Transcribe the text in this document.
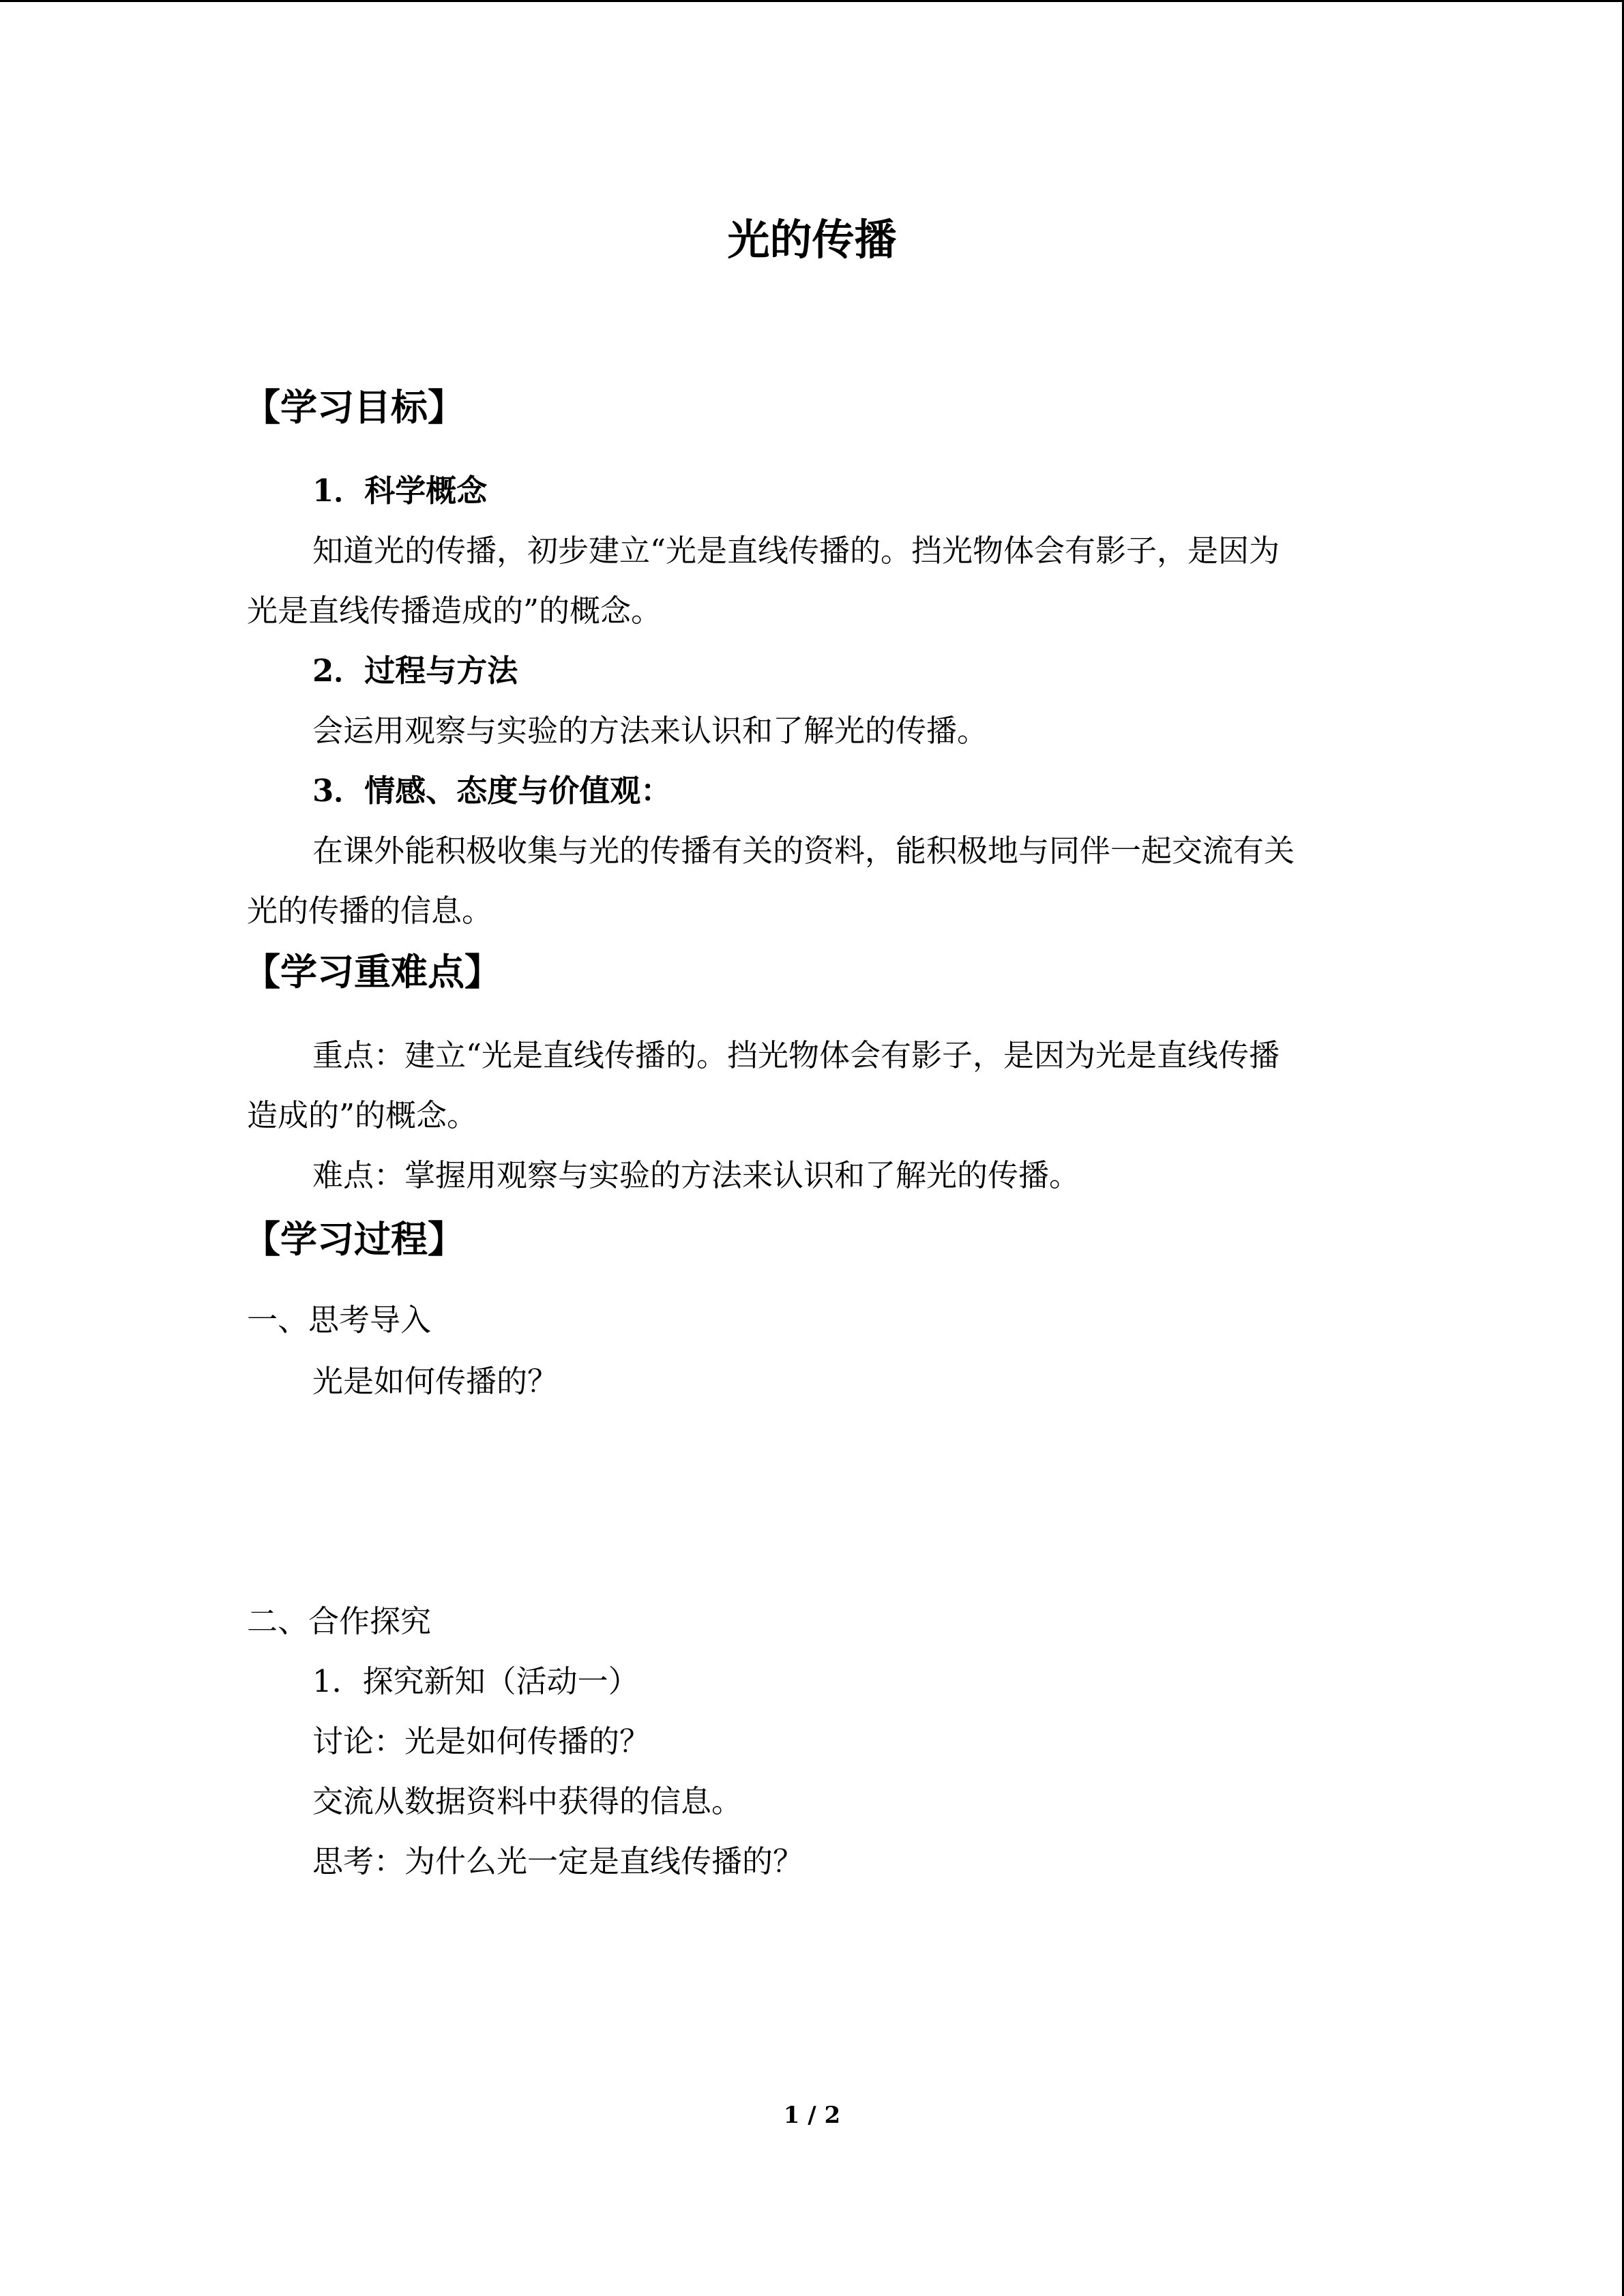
光的传播
【学习目标】
1．科学概念
知道光的传播，初步建立“光是直线传播的。挡光物体会有影子，是因为
光是直线传播造成的”的概念。
2．过程与方法
会运用观察与实验的方法来认识和了解光的传播。
3．情感、态度与价值观：
在课外能积极收集与光的传播有关的资料，能积极地与同伴一起交流有关
光的传播的信息。
【学习重难点】
重点：建立“光是直线传播的。挡光物体会有影子，是因为光是直线传播
造成的”的概念。
难点：掌握用观察与实验的方法来认识和了解光的传播。
【学习过程】
一、思考导入
光是如何传播的？
二、合作探究
1．探究新知（活动一）
讨论：光是如何传播的？
交流从数据资料中获得的信息。
思考：为什么光一定是直线传播的？
1 / 2
